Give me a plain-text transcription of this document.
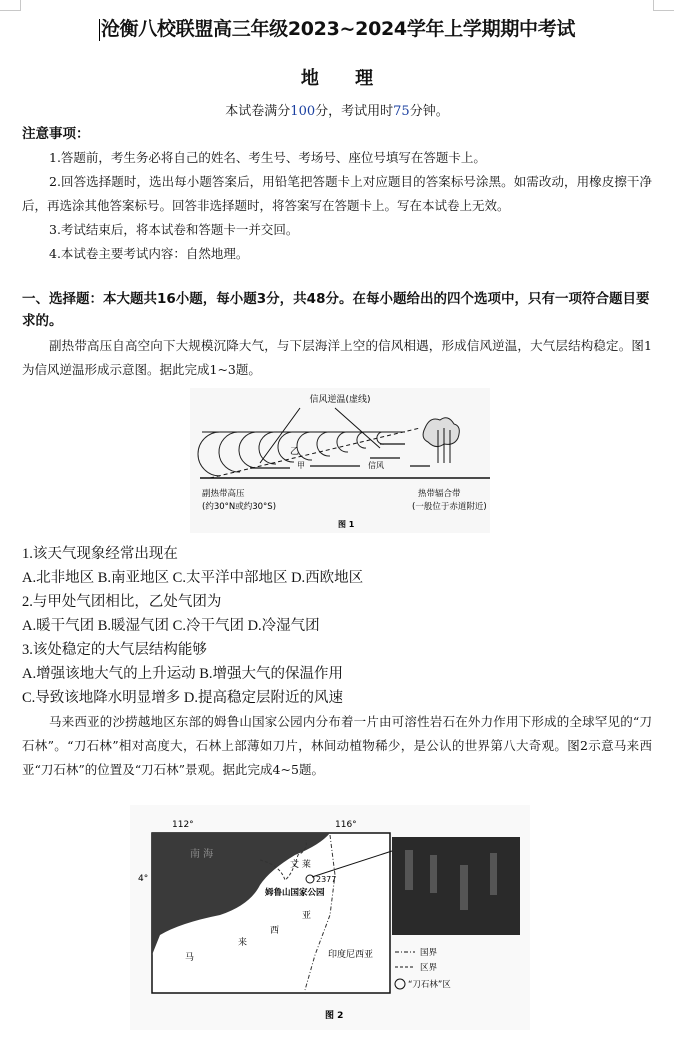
沧衡八校联盟高三年级2023~2024学年上学期期中考试
地 理
本试卷满分100分，考试用时75分钟。
注意事项：
1.答题前，考生务必将自己的姓名、考生号、考场号、座位号填写在答题卡上。
2.回答选择题时，选出每小题答案后，用铅笔把答题卡上对应题目的答案标号涂黑。如需改动，用橡皮擦干净后，再选涂其他答案标号。回答非选择题时，将答案写在答题卡上。写在本试卷上无效。
3.考试结束后，将本试卷和答题卡一并交回。
4.本试卷主要考试内容：自然地理。
一、选择题：本大题共16小题，每小题3分，共48分。在每小题给出的四个选项中，只有一项符合题目要求的。
副热带高压自高空向下大规模沉降大气，与下层海洋上空的信风相遇，形成信风逆温，大气层结构稳定。图1为信风逆温形成示意图。据此完成1~3题。
信风逆温(虚线)
乙
甲	信风
副热带高压
(约30°N或约30°S)
热带辐合带
(一般位于赤道附近)
图 1
1.该天气现象经常出现在
A.北非地区 B.南亚地区 C.太平洋中部地区 D.西欧地区
2.与甲处气团相比，乙处气团为
A.暖干气团 B.暖湿气团 C.冷干气团 D.冷湿气团
3.该处稳定的大气层结构能够
A.增强该地大气的上升运动 B.增强大气的保温作用
C.导致该地降水明显增多 D.提高稳定层附近的风速
马来西亚的沙捞越地区东部的姆鲁山国家公园内分布着一片由可溶性岩石在外力作用下形成的全球罕见的“刀石林”。“刀石林”相对高度大，石林上部薄如刀片，林间动植物稀少，是公认的世界第八大奇观。图2示意马来西亚“刀石林”的位置及“刀石林”景观。据此完成4~5题。
112°	116°
4°
南 海
文 莱
2377
姆鲁山国家公园
亚
西
来
马	印度尼西亚	国界
区界
“刀石林”区
图 2
